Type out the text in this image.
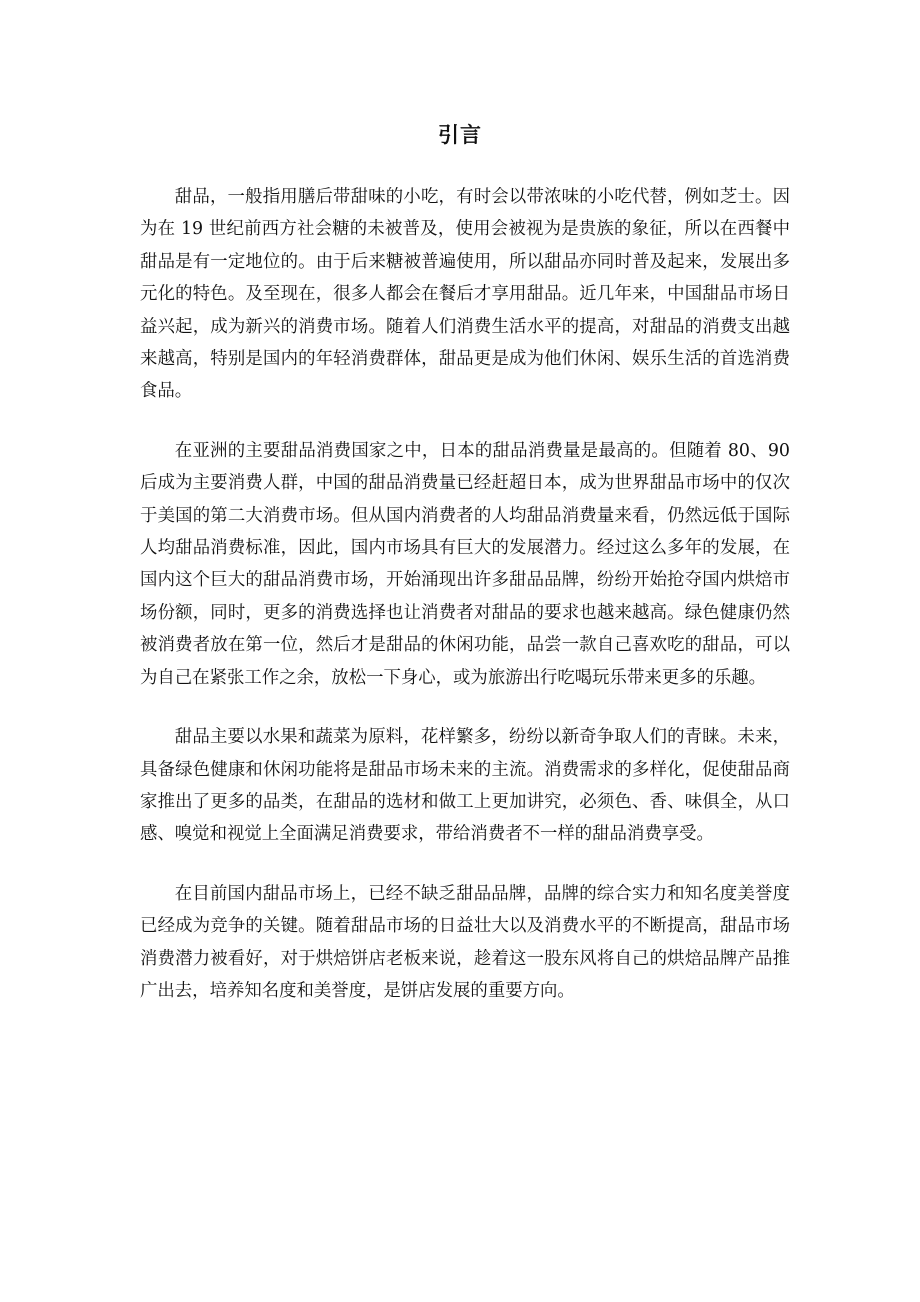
引言

甜品，一般指用膳后带甜味的小吃，有时会以带浓味的小吃代替，例如芝士。因为在 19 世纪前西方社会糖的未被普及，使用会被视为是贵族的象征，所以在西餐中甜品是有一定地位的。由于后来糖被普遍使用，所以甜品亦同时普及起来，发展出多元化的特色。及至现在，很多人都会在餐后才享用甜品。近几年来，中国甜品市场日益兴起，成为新兴的消费市场。随着人们消费生活水平的提高，对甜品的消费支出越来越高，特别是国内的年轻消费群体，甜品更是成为他们休闲、娱乐生活的首选消费食品。

在亚洲的主要甜品消费国家之中，日本的甜品消费量是最高的。但随着 80、90 后成为主要消费人群，中国的甜品消费量已经赶超日本，成为世界甜品市场中的仅次于美国的第二大消费市场。但从国内消费者的人均甜品消费量来看，仍然远低于国际人均甜品消费标准，因此，国内市场具有巨大的发展潜力。经过这么多年的发展，在国内这个巨大的甜品消费市场，开始涌现出许多甜品品牌，纷纷开始抢夺国内烘焙市场份额，同时，更多的消费选择也让消费者对甜品的要求也越来越高。绿色健康仍然被消费者放在第一位，然后才是甜品的休闲功能，品尝一款自己喜欢吃的甜品，可以为自己在紧张工作之余，放松一下身心，或为旅游出行吃喝玩乐带来更多的乐趣。

甜品主要以水果和蔬菜为原料，花样繁多，纷纷以新奇争取人们的青睐。未来，具备绿色健康和休闲功能将是甜品市场未来的主流。消费需求的多样化，促使甜品商家推出了更多的品类，在甜品的选材和做工上更加讲究，必须色、香、味俱全，从口感、嗅觉和视觉上全面满足消费要求，带给消费者不一样的甜品消费享受。

在目前国内甜品市场上，已经不缺乏甜品品牌，品牌的综合实力和知名度美誉度已经成为竞争的关键。随着甜品市场的日益壮大以及消费水平的不断提高，甜品市场消费潜力被看好，对于烘焙饼店老板来说，趁着这一股东风将自己的烘焙品牌产品推广出去，培养知名度和美誉度，是饼店发展的重要方向。
